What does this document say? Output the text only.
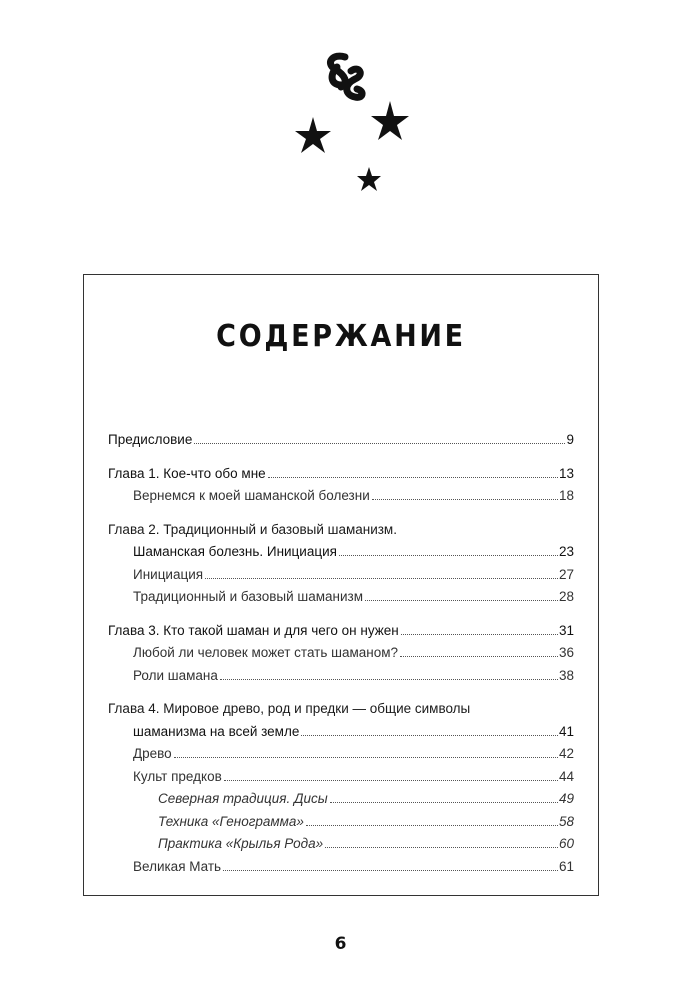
СОДЕРЖАНИЕ
Предисловие	9
Глава 1. Кое-что обо мне	13
Вернемся к моей шаманской болезни	18
Глава 2. Традиционный и базовый шаманизм.
Шаманская болезнь. Инициация	23
Инициация	27
Традиционный и базовый шаманизм	28
Глава 3. Кто такой шаман и для чего он нужен	31
Любой ли человек может стать шаманом?	36
Роли шамана	38
Глава 4. Мировое древо, род и предки — общие символы
шаманизма на всей земле	41
Древо	42
Культ предков	44
Северная традиция. Дисы	49
Техника «Генограмма»	58
Практика «Крылья Рода»	60
Великая Мать	61
6
